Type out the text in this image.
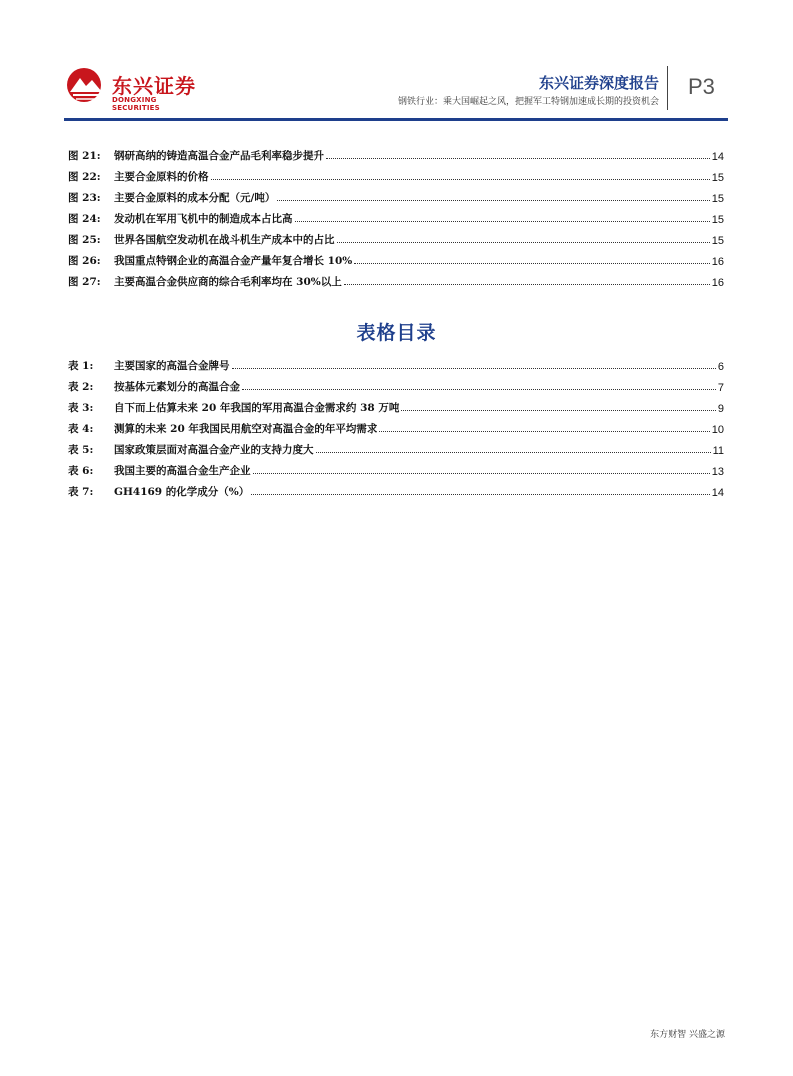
东兴证券
DONGXING SECURITIES
东兴证券深度报告
钢铁行业：乘大国崛起之风，把握军工特钢加速成长期的投资机会
P3
图 21: 钢研高纳的铸造高温合金产品毛利率稳步提升	14
图 22: 主要合金原料的价格	15
图 23: 主要合金原料的成本分配（元/吨）	15
图 24: 发动机在军用飞机中的制造成本占比高	15
图 25: 世界各国航空发动机在战斗机生产成本中的占比	15
图 26: 我国重点特钢企业的高温合金产量年复合增长 10%	16
图 27: 主要高温合金供应商的综合毛利率均在 30%以上	16
表格目录
表 1: 主要国家的高温合金牌号	6
表 2: 按基体元素划分的高温合金	7
表 3: 自下而上估算未来 20 年我国的军用高温合金需求约 38 万吨	9
表 4: 测算的未来 20 年我国民用航空对高温合金的年平均需求	10
表 5: 国家政策层面对高温合金产业的支持力度大	11
表 6: 我国主要的高温合金生产企业	13
表 7: GH4169 的化学成分（%）	14
东方财智 兴盛之源
